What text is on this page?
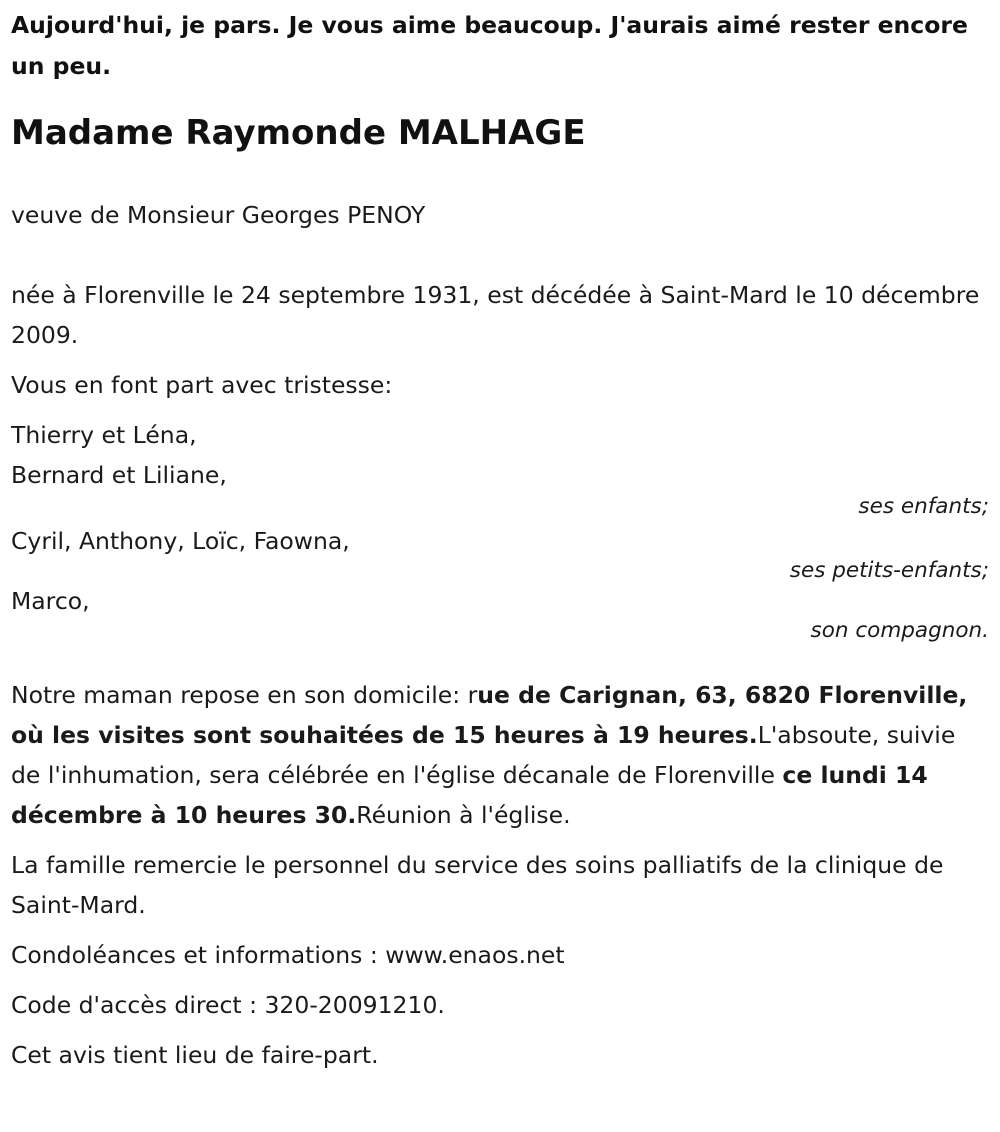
Aujourd'hui, je pars. Je vous aime beaucoup. J'aurais aimé rester encore un peu.

Madame Raymonde MALHAGE

veuve de Monsieur Georges PENOY

née à Florenville le 24 septembre 1931, est décédée à Saint-Mard le 10 décembre 2009.

Vous en font part avec tristesse:

Thierry et Léna,

Bernard et Liliane,

ses enfants;

Cyril, Anthony, Loïc, Faowna,

ses petits-enfants;

Marco,

son compagnon.

Notre maman repose en son domicile: rue de Carignan, 63, 6820 Florenville, où les visites sont souhaitées de 15 heures à 19 heures.L'absoute, suivie de l'inhumation, sera célébrée en l'église décanale de Florenville ce lundi 14 décembre à 10 heures 30.Réunion à l'église.

La famille remercie le personnel du service des soins palliatifs de la clinique de Saint-Mard.

Condoléances et informations : www.enaos.net

Code d'accès direct : 320-20091210.

Cet avis tient lieu de faire-part.
